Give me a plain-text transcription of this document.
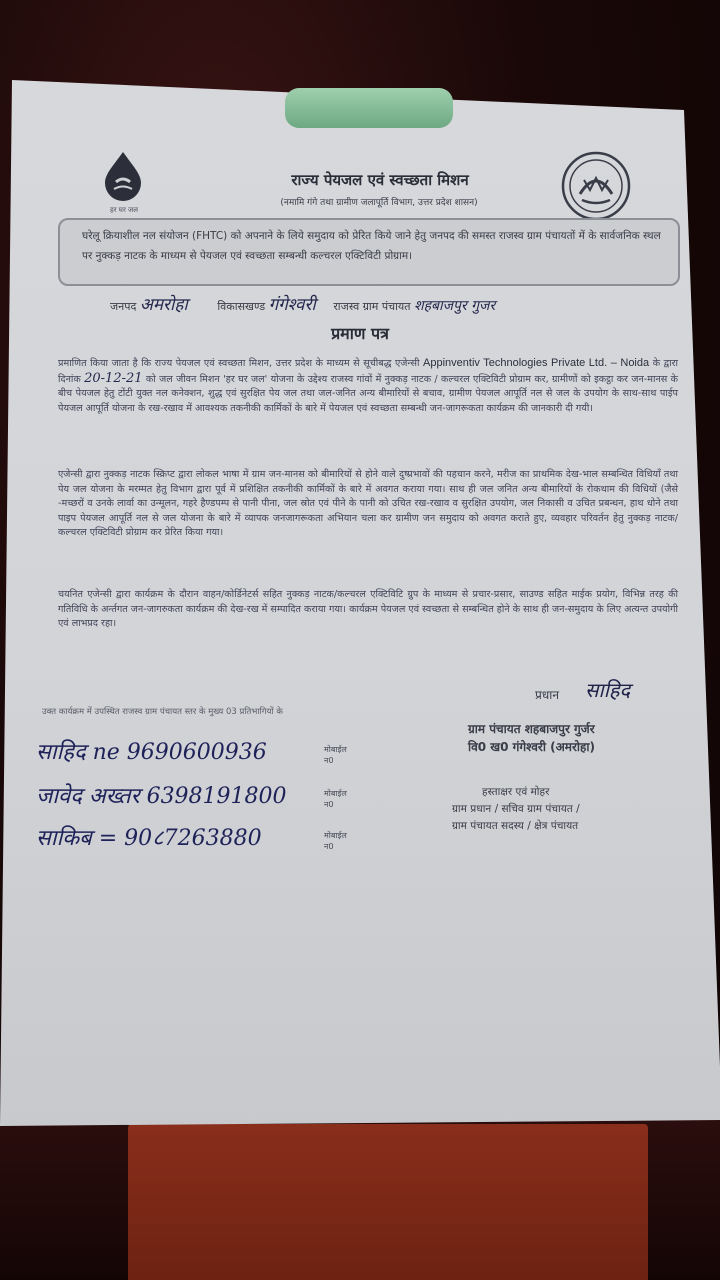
हर घर जल
राज्य पेयजल एवं स्वच्छता मिशन
(नमामि गंगे तथा ग्रामीण जलापूर्ति विभाग, उत्तर प्रदेश शासन)
घरेलू क्रियाशील नल संयोजन (FHTC) को अपनाने के लिये समुदाय को प्रेरित किये जाने हेतु जनपद की समस्त राजस्व ग्राम पंचायतों में के सार्वजनिक स्थल पर नुक्कड़ नाटक के माध्यम से पेयजल एवं स्वच्छता सम्बन्धी कल्चरल एक्टिविटी प्रोग्राम।
जनपद अमरोहा	विकासखण्ड गंगेश्वरी राजस्व ग्राम पंचायत शहबाजपुर गुजर
प्रमाण पत्र
प्रमाणित किया जाता है कि राज्य पेयजल एवं स्वच्छता मिशन, उत्तर प्रदेश के माध्यम से सूचीबद्ध एजेन्सी Appinventiv Technologies Private Ltd. – Noida के द्वारा दिनांक 20-12-21 को जल जीवन मिशन 'हर घर जल' योजना के उद्देश्य राजस्व गांवों में नुक्कड़ नाटक / कल्चरल एक्टिविटी प्रोग्राम कर, ग्रामीणों को इकट्ठा कर जन-मानस के बीच पेयजल हेतु टोंटी युक्त नल कनेक्शन, शुद्ध एवं सुरक्षित पेय जल तथा जल-जनित अन्य बीमारियों से बचाव, ग्रामीण पेयजल आपूर्ति नल से जल के उपयोग के साथ-साथ पाईप पेयजल आपूर्ति योजना के रख-रखाव में आवश्यक तकनीकी कार्मिकों के बारे में पेयजल एवं स्वच्छता सम्बन्धी जन-जागरूकता कार्यक्रम की जानकारी दी गयी।
एजेन्सी द्वारा नुक्कड़ नाटक स्क्रिप्ट द्वारा लोकल भाषा में ग्राम जन-मानस को बीमारियों से होने वाले दुष्प्रभावों की पहचान करने, मरीज का प्राथमिक देख-भाल सम्बन्धित विधियाँ तथा पेय जल योजना के मरम्मत हेतु विभाग द्वारा पूर्व में प्रशिक्षित तकनीकी कार्मिकों के बारे में अवगत कराया गया। साथ ही जल जनित अन्य बीमारियों के रोकथाम की विधियों (जैसे -मच्छरों व उनके लार्वा का उन्मूलन, गहरे हैण्डपम्प से पानी पीना, जल स्रोत एवं पीने के पानी को उचित रख-रखाव व सुरक्षित उपयोग, जल निकासी व उचित प्रबन्धन, हाथ धोने तथा पाइप पेयजल आपूर्ति नल से जल योजना के बारे में व्यापक जनजागरूकता अभियान चला कर ग्रामीण जन समुदाय को अवगत कराते हुए, व्यवहार परिवर्तन हेतु नुक्कड़ नाटक/कल्चरल एक्टिविटी प्रोग्राम कर प्रेरित किया गया।
चयनित एजेन्सी द्वारा कार्यक्रम के दौरान वाहन/कोर्डिनेटर्स सहित नुक्कड़ नाटक/कल्चरल एक्टिविटि ग्रुप के माध्यम से प्रचार-प्रसार, साउण्ड सहित माईक प्रयोग, विभिन्न तरह की गतिविधि के अर्न्तगत जन-जागरुकता कार्यक्रम की देख-रख में सम्पादित कराया गया। कार्यक्रम पेयजल एवं स्वच्छता से सम्बन्धित होने के साथ ही जन-समुदाय के लिए अत्यन्त उपयोगी एवं लाभप्रद रहा।
प्रधान साहिद
ग्राम पंचायत शहबाजपुर गुर्जर
वि0 ख0 गंगेश्वरी (अमरोहा)
हस्ताक्षर एवं मोहर
ग्राम प्रधान / सचिव ग्राम पंचायत /
ग्राम पंचायत सदस्य / क्षेत्र पंचायत
उक्त कार्यक्रम में उपस्थित राजस्व ग्राम पंचायत स्तर के मुख्य 03 प्रतिभागियों के
साहिद ne 9690600936	मोबाईल न0
जावेद अख्तर 6398191800	मोबाईल न0
साकिब = 90८7263880	मोबाईल न0
